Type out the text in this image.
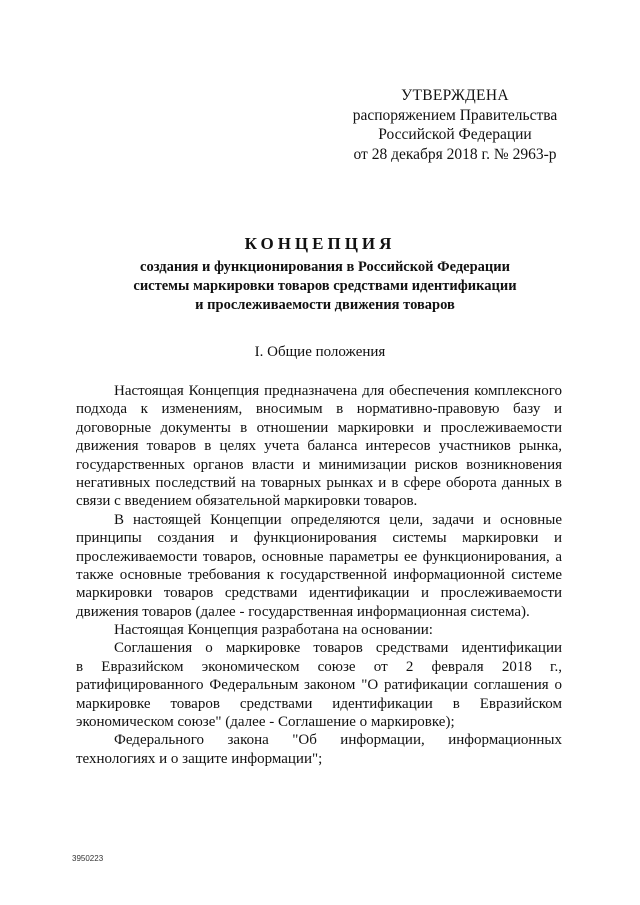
УТВЕРЖДЕНА
распоряжением Правительства
Российской Федерации
от 28 декабря 2018 г. № 2963-р
КОНЦЕПЦИЯ
создания и функционирования в Российской Федерации
системы маркировки товаров средствами идентификации
и прослеживаемости движения товаров
I. Общие положения
Настоящая Концепция предназначена для обеспечения комплексного
подхода к изменениям, вносимым в нормативно-правовую базу и
договорные документы в отношении маркировки и прослеживаемости
движения товаров в целях учета баланса интересов участников рынка,
государственных органов власти и минимизации рисков возникновения
негативных последствий на товарных рынках и в сфере оборота данных в
связи с введением обязательной маркировки товаров.
В настоящей Концепции определяются цели, задачи и основные
принципы создания и функционирования системы маркировки и
прослеживаемости товаров, основные параметры ее функционирования, а
также основные требования к государственной информационной системе
маркировки товаров средствами идентификации и прослеживаемости
движения товаров (далее - государственная информационная система).
Настоящая Концепция разработана на основании:
Соглашения о маркировке товаров средствами идентификации
в Евразийском экономическом союзе от 2 февраля 2018 г.,
ратифицированного Федеральным законом "О ратификации соглашения о
маркировке товаров средствами идентификации в Евразийском
экономическом союзе" (далее - Соглашение о маркировке);
Федерального закона "Об информации, информационных
технологиях и о защите информации";
3950223
